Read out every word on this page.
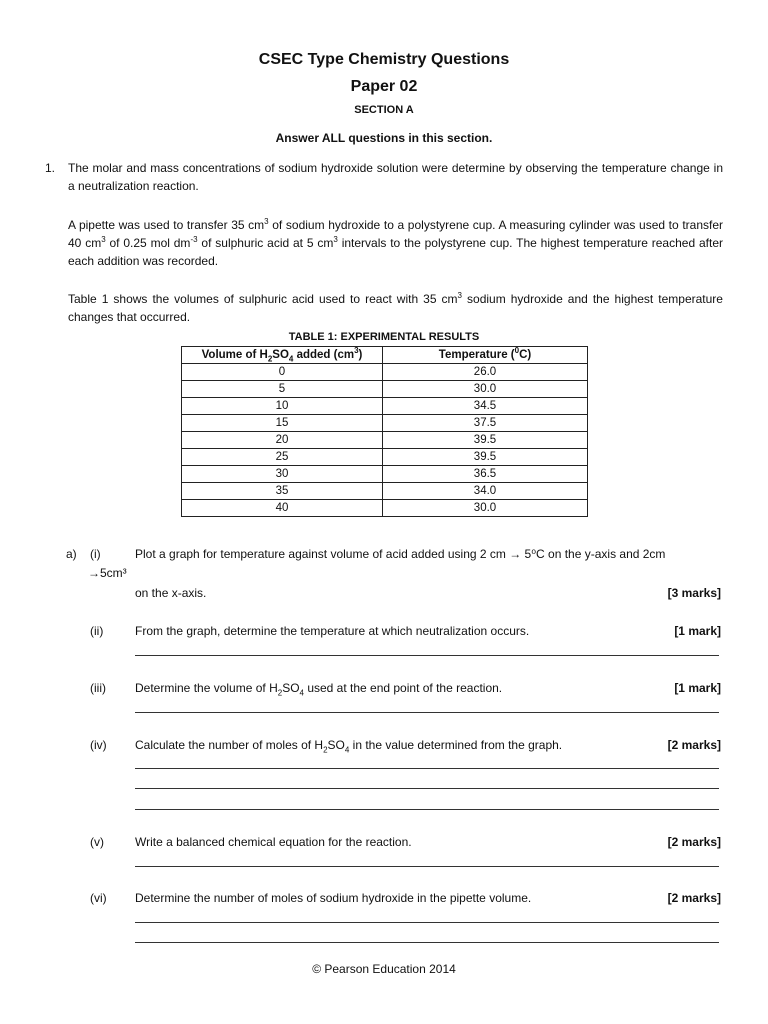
CSEC Type Chemistry Questions
Paper 02
SECTION A
Answer ALL questions in this section.
1. The molar and mass concentrations of sodium hydroxide solution were determine by observing the temperature change in a neutralization reaction.
A pipette was used to transfer 35 $cm^3$ of sodium hydroxide to a polystyrene cup. A measuring cylinder was used to transfer 40 $cm^3$ of 0.25 mol $dm^{-3}$ of sulphuric acid at 5 $cm^3$ intervals to the polystyrene cup. The highest temperature reached after each addition was recorded.
Table 1 shows the volumes of sulphuric acid used to react with 35 $cm^3$ sodium hydroxide and the highest temperature changes that occurred.
TABLE 1: EXPERIMENTAL RESULTS
Volume of $H_2SO_4$ added $(cm^3)$	Temperature ($^0$C)
0	26.0
5	30.0
10	34.5
15	37.5
20	39.5
25	39.5
30	36.5
35	34.0
40	30.0
a) (i)	Plot a graph for temperature against volume of acid added using 2 cm → 5⁰C on the y-axis and 2cm
→5cm³
on the x-axis.	[3 marks]
(ii)	From the graph, determine the temperature at which neutralization occurs.	[1 mark]
(iii) Determine the volume of $H_2SO_4$ used at the end point of the reaction.	[1 mark]
(iv) Calculate the number of moles of $H_2SO_4$ in the value determined from the graph.	[2 marks]
(v)	Write a balanced chemical equation for the reaction.	[2 marks]
(vi) Determine the number of moles of sodium hydroxide in the pipette volume.	[2 marks]
© Pearson Education 2014
